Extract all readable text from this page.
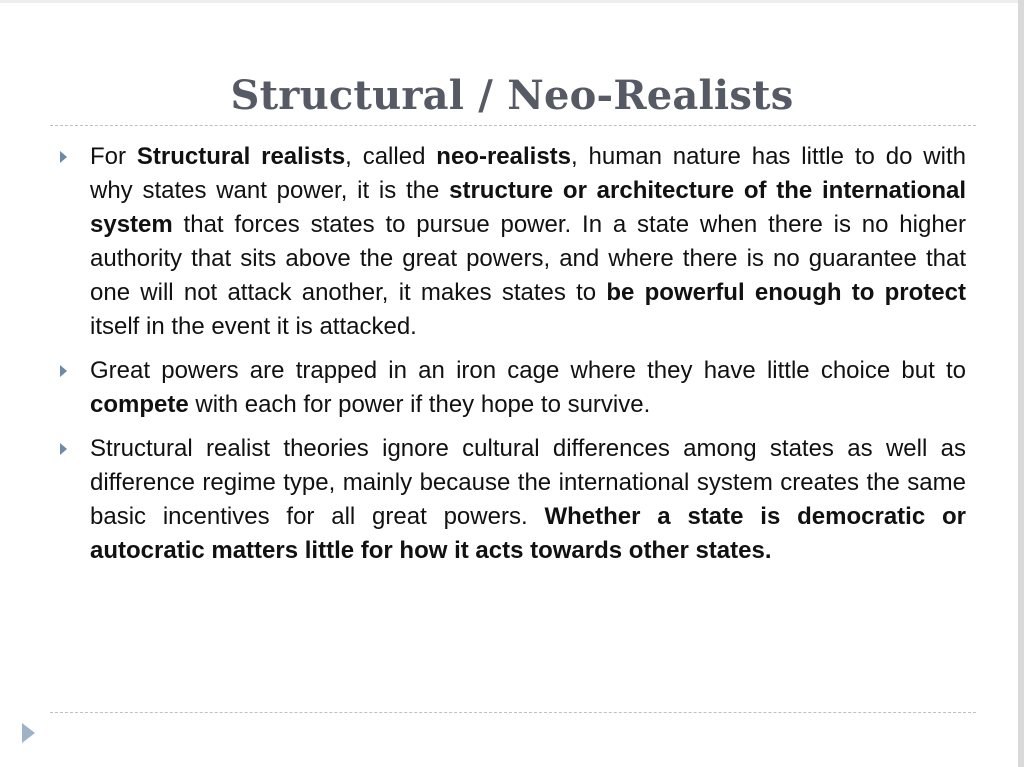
Structural / Neo-Realists
For Structural realists, called neo-realists, human nature has little to do with why states want power, it is the structure or architecture of the international system that forces states to pursue power. In a state when there is no higher authority that sits above the great powers, and where there is no guarantee that one will not attack another, it makes states to be powerful enough to protect itself in the event it is attacked.
Great powers are trapped in an iron cage where they have little choice but to compete with each for power if they hope to survive.
Structural realist theories ignore cultural differences among states as well as difference regime type, mainly because the international system creates the same basic incentives for all great powers. Whether a state is democratic or autocratic matters little for how it acts towards other states.
